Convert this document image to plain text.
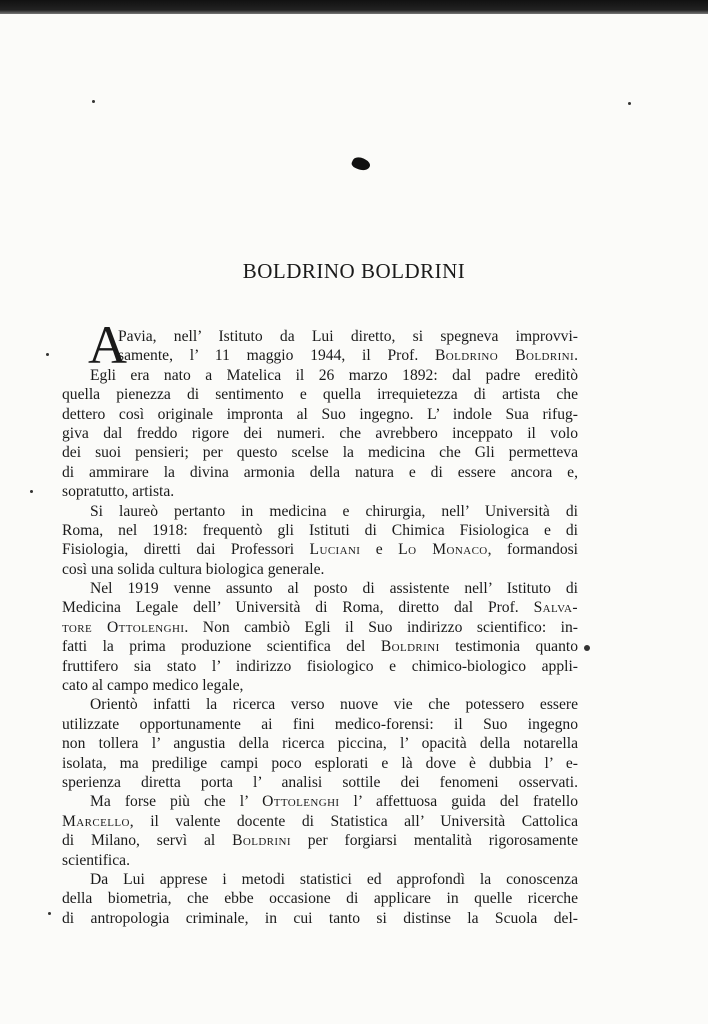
BOLDRINO BOLDRINI
A
Pavia, nell’ Istituto da Lui diretto, si spegneva improvvi-
samente, l’ 11 maggio 1944, il Prof. Boldrino Boldrini.
Egli era nato a Matelica il 26 marzo 1892: dal padre ereditò
quella pienezza di sentimento e quella irrequietezza di artista che
dettero così originale impronta al Suo ingegno. L’ indole Sua rifug-
giva dal freddo rigore dei numeri. che avrebbero inceppato il volo
dei suoi pensieri; per questo scelse la medicina che Gli permetteva
di ammirare la divina armonia della natura e di essere ancora e,
sopratutto, artista.
Si laureò pertanto in medicina e chirurgia, nell’ Università di
Roma, nel 1918: frequentò gli Istituti di Chimica Fisiologica e di
Fisiologia, diretti dai Professori Luciani e Lo Monaco, formandosi
così una solida cultura biologica generale.
Nel 1919 venne assunto al posto di assistente nell’ Istituto di
Medicina Legale dell’ Università di Roma, diretto dal Prof. Salva-
tore Ottolenghi. Non cambiò Egli il Suo indirizzo scientifico: in-
fatti la prima produzione scientifica del Boldrini testimonia quanto
fruttifero sia stato l’ indirizzo fisiologico e chimico-biologico appli-
cato al campo medico legale,
Orientò infatti la ricerca verso nuove vie che potessero essere
utilizzate opportunamente ai fini medico-forensi: il Suo ingegno
non tollera l’ angustia della ricerca piccina, l’ opacità della notarella
isolata, ma predilige campi poco esplorati e là dove è dubbia l’ e-
sperienza diretta porta l’ analisi sottile dei fenomeni osservati.
Ma forse più che l’ Ottolenghi l’ affettuosa guida del fratello
Marcello, il valente docente di Statistica all’ Università Cattolica
di Milano, servì al Boldrini per forgiarsi mentalità rigorosamente
scientifica.
Da Lui apprese i metodi statistici ed approfondì la conoscenza
della biometria, che ebbe occasione di applicare in quelle ricerche
di antropologia criminale, in cui tanto si distinse la Scuola del-
